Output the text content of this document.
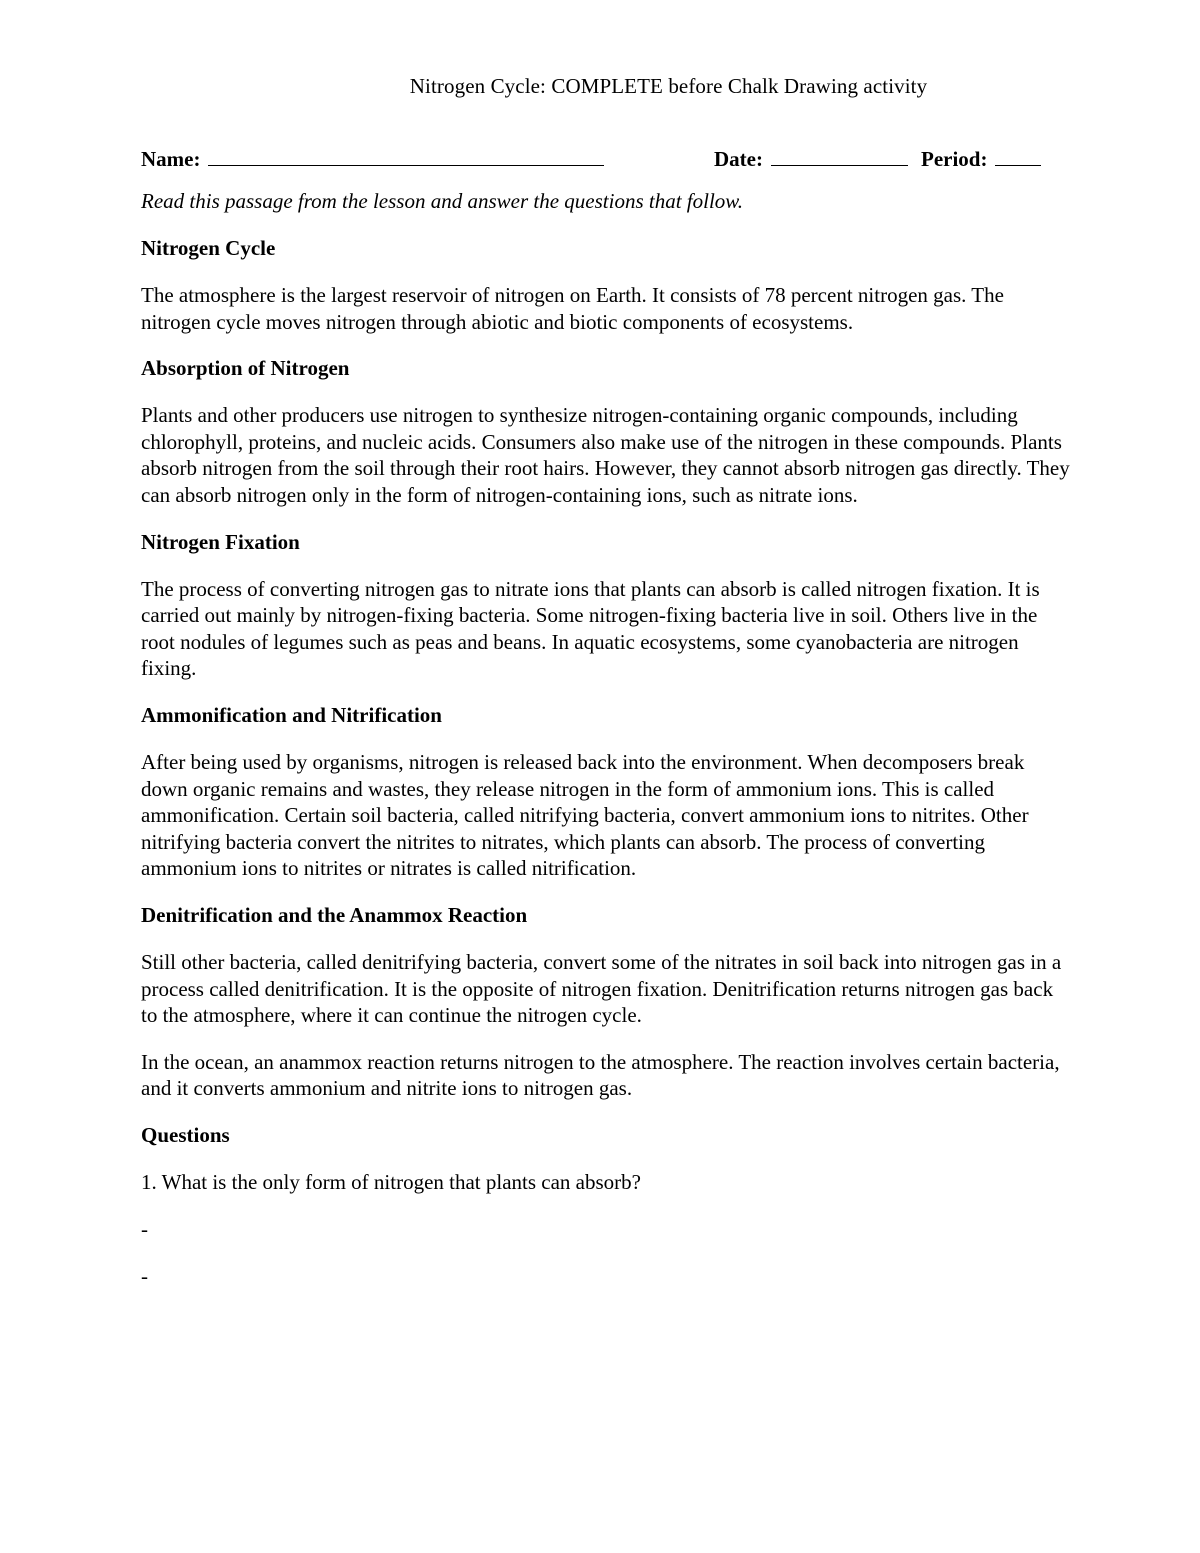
Nitrogen Cycle: COMPLETE before Chalk Drawing activity
Name:	Date:	Period:

Read this passage from the lesson and answer the questions that follow.

Nitrogen Cycle

The atmosphere is the largest reservoir of nitrogen on Earth. It consists of 78 percent nitrogen gas. The nitrogen cycle moves nitrogen through abiotic and biotic components of ecosystems.

Absorption of Nitrogen

Plants and other producers use nitrogen to synthesize nitrogen-containing organic compounds, including chlorophyll, proteins, and nucleic acids. Consumers also make use of the nitrogen in these compounds. Plants absorb nitrogen from the soil through their root hairs. However, they cannot absorb nitrogen gas directly. They can absorb nitrogen only in the form of nitrogen-containing ions, such as nitrate ions.

Nitrogen Fixation

The process of converting nitrogen gas to nitrate ions that plants can absorb is called nitrogen fixation. It is carried out mainly by nitrogen-fixing bacteria. Some nitrogen-fixing bacteria live in soil. Others live in the root nodules of legumes such as peas and beans. In aquatic ecosystems, some cyanobacteria are nitrogen fixing.

Ammonification and Nitrification

After being used by organisms, nitrogen is released back into the environment. When decomposers break down organic remains and wastes, they release nitrogen in the form of ammonium ions. This is called ammonification. Certain soil bacteria, called nitrifying bacteria, convert ammonium ions to nitrites. Other nitrifying bacteria convert the nitrites to nitrates, which plants can absorb. The process of converting ammonium ions to nitrites or nitrates is called nitrification.

Denitrification and the Anammox Reaction

Still other bacteria, called denitrifying bacteria, convert some of the nitrates in soil back into nitrogen gas in a process called denitrification. It is the opposite of nitrogen fixation. Denitrification returns nitrogen gas back to the atmosphere, where it can continue the nitrogen cycle.

In the ocean, an anammox reaction returns nitrogen to the atmosphere. The reaction involves certain bacteria, and it converts ammonium and nitrite ions to nitrogen gas.

Questions

1. What is the only form of nitrogen that plants can absorb?

-

-
